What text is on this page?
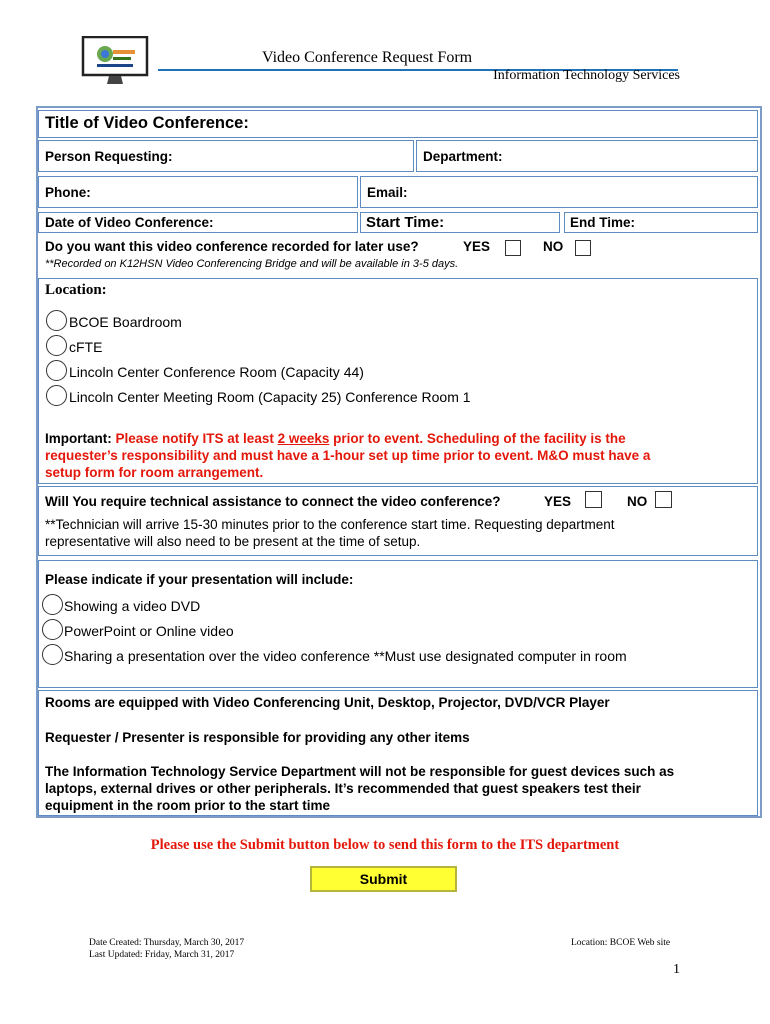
Video Conference Request Form
Information Technology Services
Title of Video Conference:
Person Requesting:	Department:
Phone:	Email:
Date of Video Conference:	Start Time:	End Time:
Do you want this video conference recorded for later use?	YES	NO
**Recorded on K12HSN Video Conferencing Bridge and will be available in 3-5 days.
Location:
BCOE Boardroom
cFTE
Lincoln Center Conference Room (Capacity 44)
Lincoln Center Meeting Room (Capacity 25) Conference Room 1
Important: Please notify ITS at least 2 weeks prior to event. Scheduling of the facility is the
requester’s responsibility and must have a 1-hour set up time prior to event. M&O must have a
setup form for room arrangement.
Will You require technical assistance to connect the video conference?	YES	NO
**Technician will arrive 15-30 minutes prior to the conference start time. Requesting department
representative will also need to be present at the time of setup.
Please indicate if your presentation will include:
Showing a video DVD
PowerPoint or Online video
Sharing a presentation over the video conference **Must use designated computer in room
Rooms are equipped with Video Conferencing Unit, Desktop, Projector, DVD/VCR Player
Requester / Presenter is responsible for providing any other items
The Information Technology Service Department will not be responsible for guest devices such as
laptops, external drives or other peripherals. It’s recommended that guest speakers test their
equipment in the room prior to the start time
Please use the Submit button below to send this form to the ITS department
Submit
Date Created: Thursday, March 30, 2017
Last Updated: Friday, March 31, 2017
Location: BCOE Web site
1
